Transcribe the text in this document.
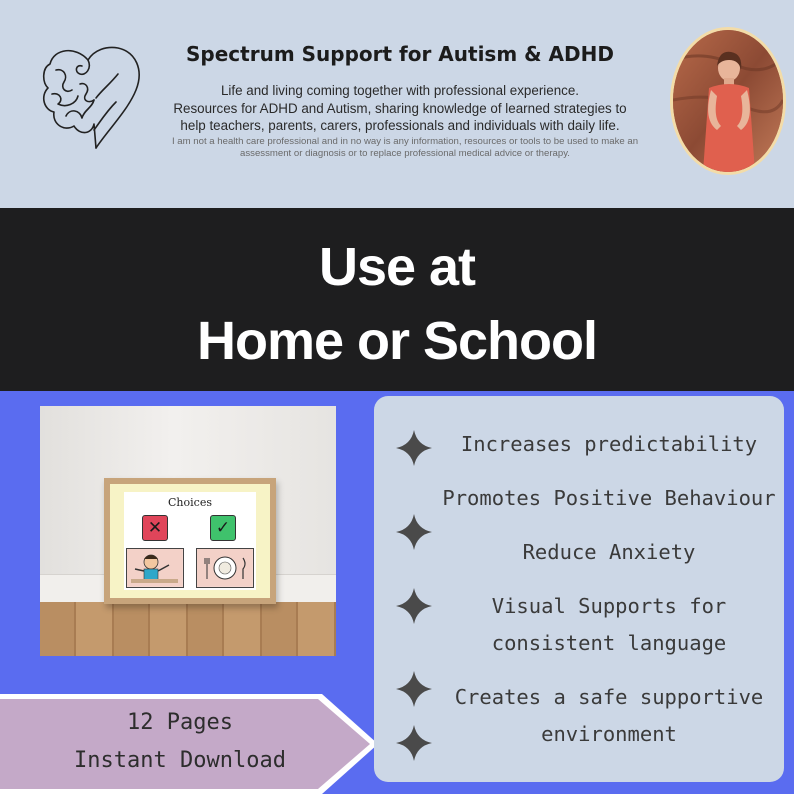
Spectrum Support for Autism & ADHD
Life and living coming together with professional experience.
Resources for ADHD and Autism, sharing knowledge of learned strategies to
help teachers, parents, carers, professionals and individuals with daily life.
I am not a health care professional and in no way is any information, resources or tools to be used to make an
assessment or diagnosis or to replace professional medical advice or therapy.
Use at
Home or School
Choices
✕	✓
12 Pages
Instant Download
Increases predictability
Promotes Positive Behaviour
Reduce Anxiety
Visual Supports for
consistent language
Creates a safe supportive
environment
